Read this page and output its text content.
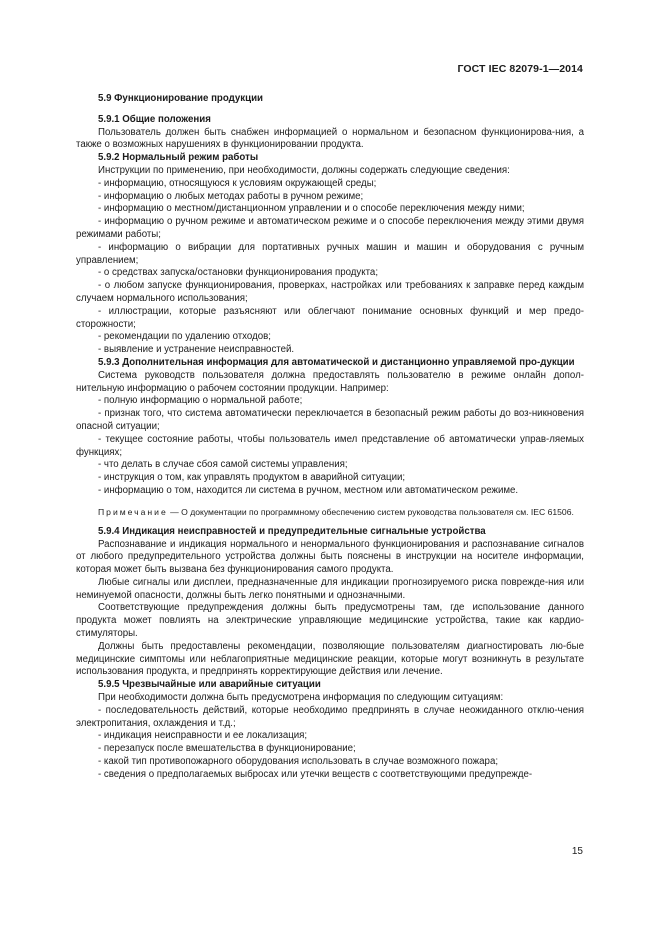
ГОСТ IEC 82079-1—2014

5.9 Функционирование продукции

5.9.1 Общие положения

Пользователь должен быть снабжен информацией о нормальном и безопасном функционирова-ния, а также о возможных нарушениях в функционировании продукта.

5.9.2 Нормальный режим работы

Инструкции по применению, при необходимости, должны содержать следующие сведения:

- информацию, относящуюся к условиям окружающей среды;

- информацию о любых методах работы в ручном режиме;

- информацию о местном/дистанционном управлении и о способе переключения между ними;

- информацию о ручном режиме и автоматическом режиме и о способе переключения между этими двумя режимами работы;

- информацию о вибрации для портативных ручных машин и машин и оборудования с ручным управлением;

- о средствах запуска/остановки функционирования продукта;

- о любом запуске функционирования, проверках, настройках или требованиях к заправке перед каждым случаем нормального использования;

- иллюстрации, которые разъясняют или облегчают понимание основных функций и мер предо-сторожности;

- рекомендации по удалению отходов;

- выявление и устранение неисправностей.

5.9.3 Дополнительная информация для автоматической и дистанционно управляемой про-дукции

Система руководств пользователя должна предоставлять пользователю в режиме онлайн допол-нительную информацию о рабочем состоянии продукции. Например:

- полную информацию о нормальной работе;

- признак того, что система автоматически переключается в безопасный режим работы до воз-никновения опасной ситуации;

- текущее состояние работы, чтобы пользователь имел представление об автоматически управ-ляемых функциях;

- что делать в случае сбоя самой системы управления;

- инструкция о том, как управлять продуктом в аварийной ситуации;

- информацию о том, находится ли система в ручном, местном или автоматическом режиме.

Примечание — О документации по программному обеспечению систем руководства пользователя см. IEC 61506.

5.9.4 Индикация неисправностей и предупредительные сигнальные устройства

Распознавание и индикация нормального и ненормального функционирования и распознавание сигналов от любого предупредительного устройства должны быть пояснены в инструкции на носителе информации, которая может быть вызвана без функционирования самого продукта.

Любые сигналы или дисплеи, предназначенные для индикации прогнозируемого риска поврежде-ния или неминуемой опасности, должны быть легко понятными и однозначными.

Соответствующие предупреждения должны быть предусмотрены там, где использование данного продукта может повлиять на электрические управляющие медицинские устройства, такие как кардио-стимуляторы.

Должны быть предоставлены рекомендации, позволяющие пользователям диагностировать лю-бые медицинские симптомы или неблагоприятные медицинские реакции, которые могут возникнуть в результате использования продукта, и предпринять корректирующие действия или лечение.

5.9.5 Чрезвычайные или аварийные ситуации

При необходимости должна быть предусмотрена информация по следующим ситуациям:

- последовательность действий, которые необходимо предпринять в случае неожиданного отклю-чения электропитания, охлаждения и т.д.;

- индикация неисправности и ее локализация;

- перезапуск после вмешательства в функционирование;

- какой тип противопожарного оборудования использовать в случае возможного пожара;

- сведения о предполагаемых выбросах или утечки веществ с соответствующими предупрежде-

15
